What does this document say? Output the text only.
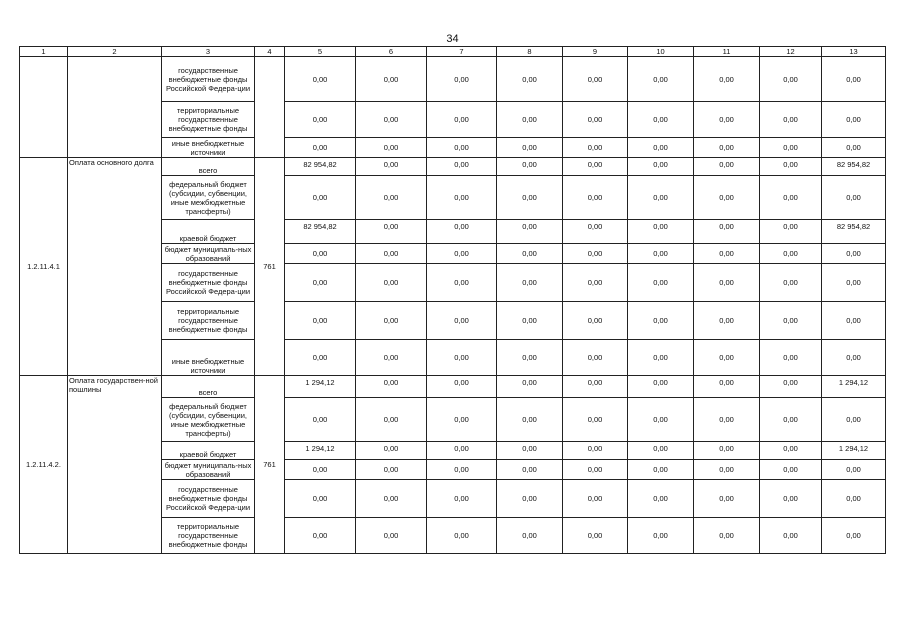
34
1	2	3	4	5	6	7	8	9	10	11	12	13
		государственные внебюджетные фонды Российской Федера-ции		0,00	0,00	0,00	0,00	0,00	0,00	0,00	0,00	0,00
		территориальные государственные внебюджетные фонды		0,00	0,00	0,00	0,00	0,00	0,00	0,00	0,00	0,00
		иные внебюджетные источники		0,00	0,00	0,00	0,00	0,00	0,00	0,00	0,00	0,00
1.2.11.4.1	Оплата основного долга	всего	761	82 954,82	0,00	0,00	0,00	0,00	0,00	0,00	0,00	82 954,82
		федеральный бюджет (субсидии, субвенции, иные межбюджетные трансферты)		0,00	0,00	0,00	0,00	0,00	0,00	0,00	0,00	0,00
		краевой бюджет		82 954,82	0,00	0,00	0,00	0,00	0,00	0,00	0,00	82 954,82
		бюджет муниципаль-ных образований		0,00	0,00	0,00	0,00	0,00	0,00	0,00	0,00	0,00
		государственные внебюджетные фонды Российской Федера-ции		0,00	0,00	0,00	0,00	0,00	0,00	0,00	0,00	0,00
		территориальные государственные внебюджетные фонды		0,00	0,00	0,00	0,00	0,00	0,00	0,00	0,00	0,00
		иные внебюджетные источники		0,00	0,00	0,00	0,00	0,00	0,00	0,00	0,00	0,00
1.2.11.4.2.	Оплата государствен-ной пошлины	всего	761	1 294,12	0,00	0,00	0,00	0,00	0,00	0,00	0,00	1 294,12
		федеральный бюджет (субсидии, субвенции, иные межбюджетные трансферты)		0,00	0,00	0,00	0,00	0,00	0,00	0,00	0,00	0,00
		краевой бюджет		1 294,12	0,00	0,00	0,00	0,00	0,00	0,00	0,00	1 294,12
		бюджет муниципаль-ных образований		0,00	0,00	0,00	0,00	0,00	0,00	0,00	0,00	0,00
		государственные внебюджетные фонды Российской Федера-ции		0,00	0,00	0,00	0,00	0,00	0,00	0,00	0,00	0,00
		территориальные государственные внебюджетные фонды		0,00	0,00	0,00	0,00	0,00	0,00	0,00	0,00	0,00
